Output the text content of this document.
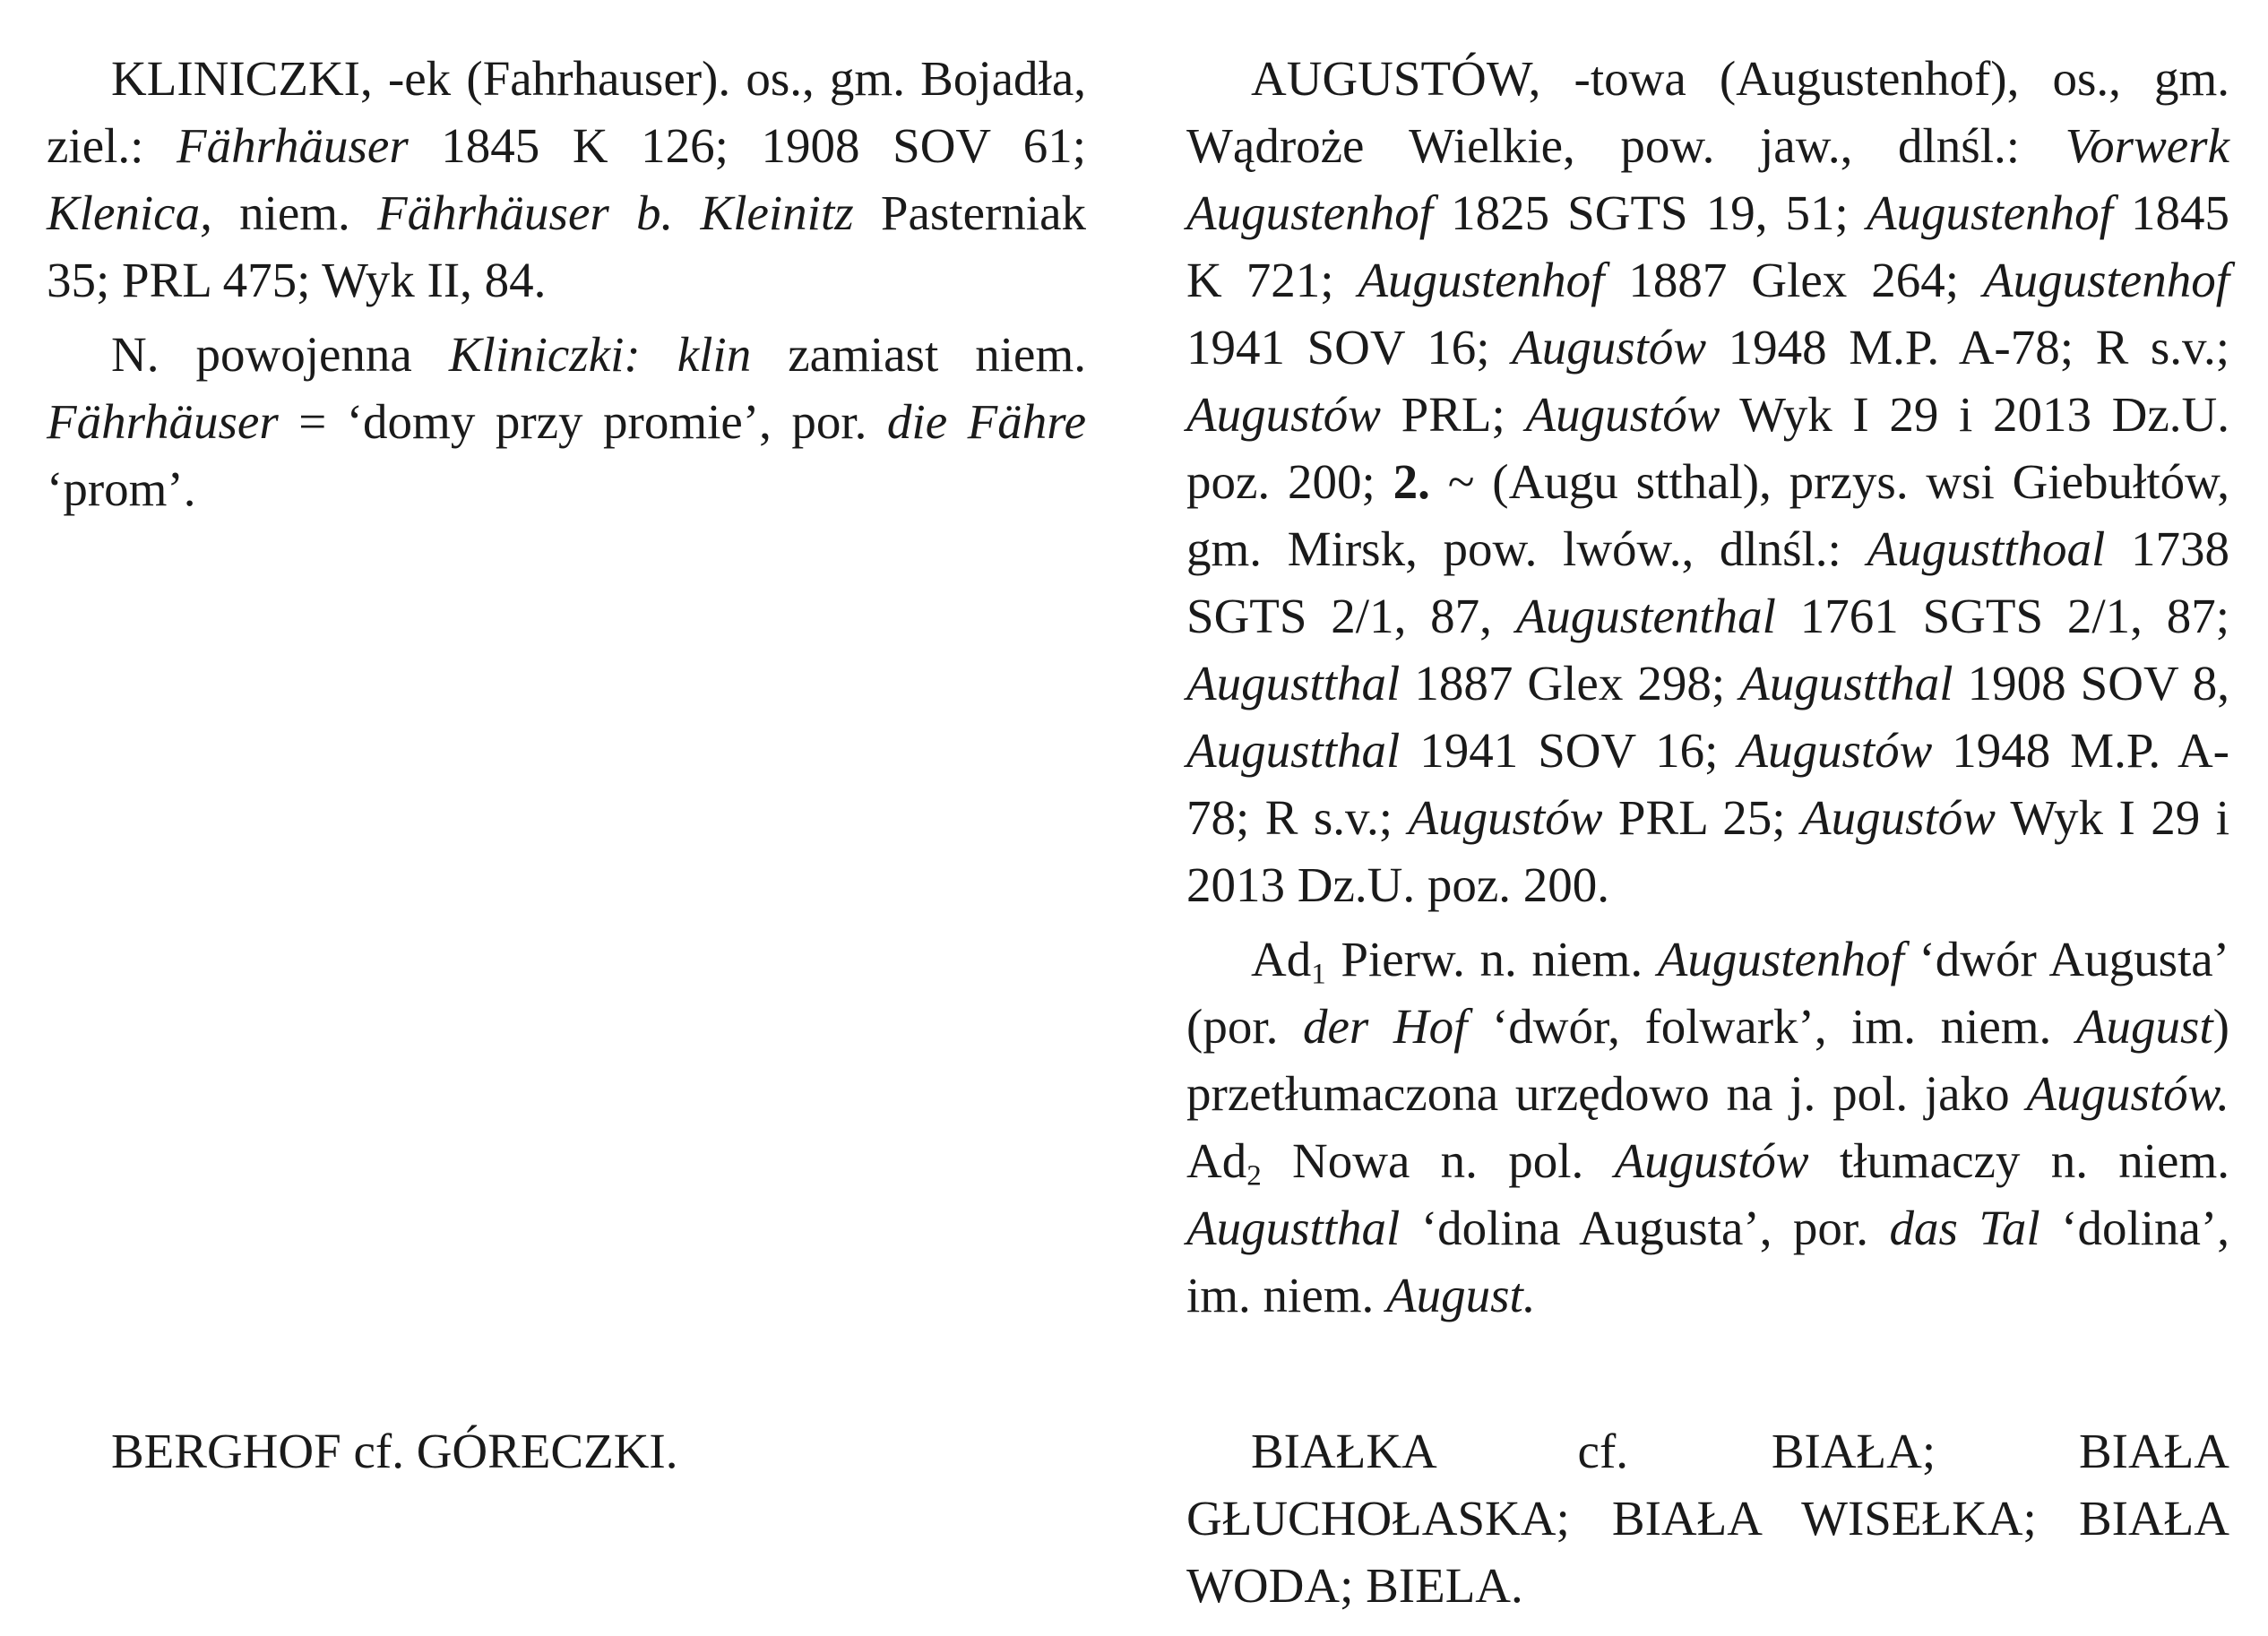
KLINICZKI, -ek (Fahrhauser). os., gm. Bojadła, ziel.: Fährhäuser 1845 K 126; 1908 SOV 61; Klenica, niem. Fährhäuser b. Kleinitz Pasterniak 35; PRL 475; Wyk II, 84.

N. powojenna Kliniczki: klin zamiast niem. Fährhäuser = ‘domy przy promie’, por. die Fähre ‘prom’.

AUGUSTÓW, -towa (Augustenhof), os., gm. Wądroże Wielkie, pow. jaw., dlnśl.: Vorwerk Augustenhof 1825 SGTS 19, 51; Augustenhof 1845 K 721; Augustenhof 1887 Glex 264; Augustenhof 1941 SOV 16; Augustów 1948 M.P. A-78; R s.v.; Augustów PRL; Augustów Wyk I 29 i 2013 Dz.U. poz. 200; 2. ~ (Augu stthal), przys. wsi Giebułtów, gm. Mirsk, pow. lwów., dlnśl.: Augustthoal 1738 SGTS 2/1, 87, Augustenthal 1761 SGTS 2/1, 87; Augustthal 1887 Glex 298; Augustthal 1908 SOV 8, Augustthal 1941 SOV 16; Augustów 1948 M.P. A-78; R s.v.; Augustów PRL 25; Augustów Wyk I 29 i 2013 Dz.U. poz. 200.

$Ad_1$ Pierw. n. niem. Augustenhof ‘dwór Augusta’ (por. der Hof ‘dwór, folwark’, im. niem. August) przetłumaczona urzędowo na j. pol. jako Augustów. $Ad_2$ Nowa n. pol. Augustów tłumaczy n. niem. Augustthal ‘dolina Augusta’, por. das Tal ‘dolina’, im. niem. August.

BERGHOF cf. GÓRECZKI.	BIAŁKA cf. BIAŁA; BIAŁA GŁUCHOŁASKA; BIAŁA WISEŁKA; BIAŁA WODA; BIELA.
